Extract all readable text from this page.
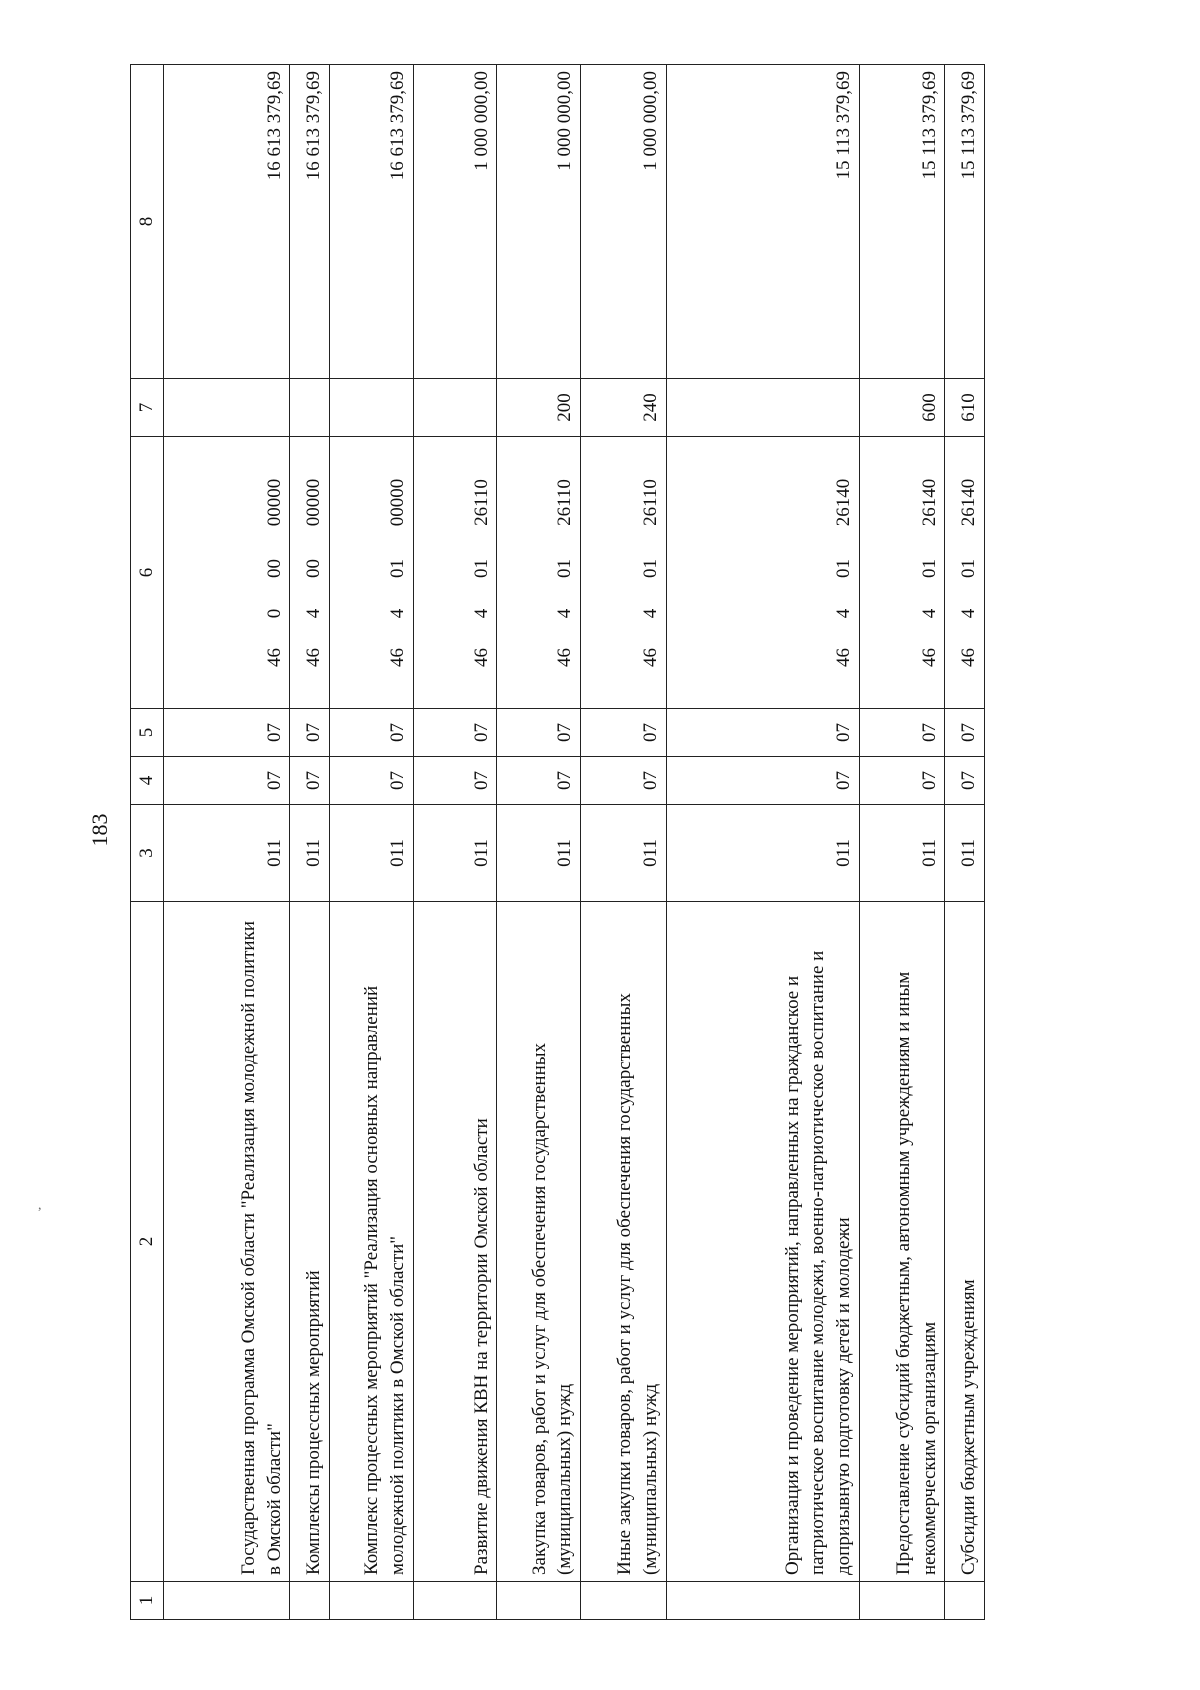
183
1	2	3	4	5	6	7	8
	Государственная программа Омской области "Реализация молодежной политики в Омской области"	011	07	07	4600000000		16 613 379,69
	Комплексы процессных мероприятий	011	07	07	4640000000		16 613 379,69
	Комплекс процессных мероприятий "Реализация основных направлений молодежной политики в Омской области"	011	07	07	4640100000		16 613 379,69
	Развитие движения КВН на территории Омской области	011	07	07	4640126110		1 000 000,00
	Закупка товаров, работ и услуг для обеспечения государственных (муниципальных) нужд	011	07	07	4640126110	200	1 000 000,00
	Иные закупки товаров, работ и услуг для обеспечения государственных (муниципальных) нужд	011	07	07	4640126110	240	1 000 000,00
	Организация и проведение мероприятий, направленных на гражданское и патриотическое воспитание молодежи, военно-патриотическое воспитание и допризывную подготовку детей и молодежи	011	07	07	4640126140		15 113 379,69
	Предоставление субсидий бюджетным, автономным учреждениям и иным некоммерческим организациям	011	07	07	4640126140	600	15 113 379,69
	Субсидии бюджетным учреждениям	011	07	07	4640126140	610	15 113 379,69
,
